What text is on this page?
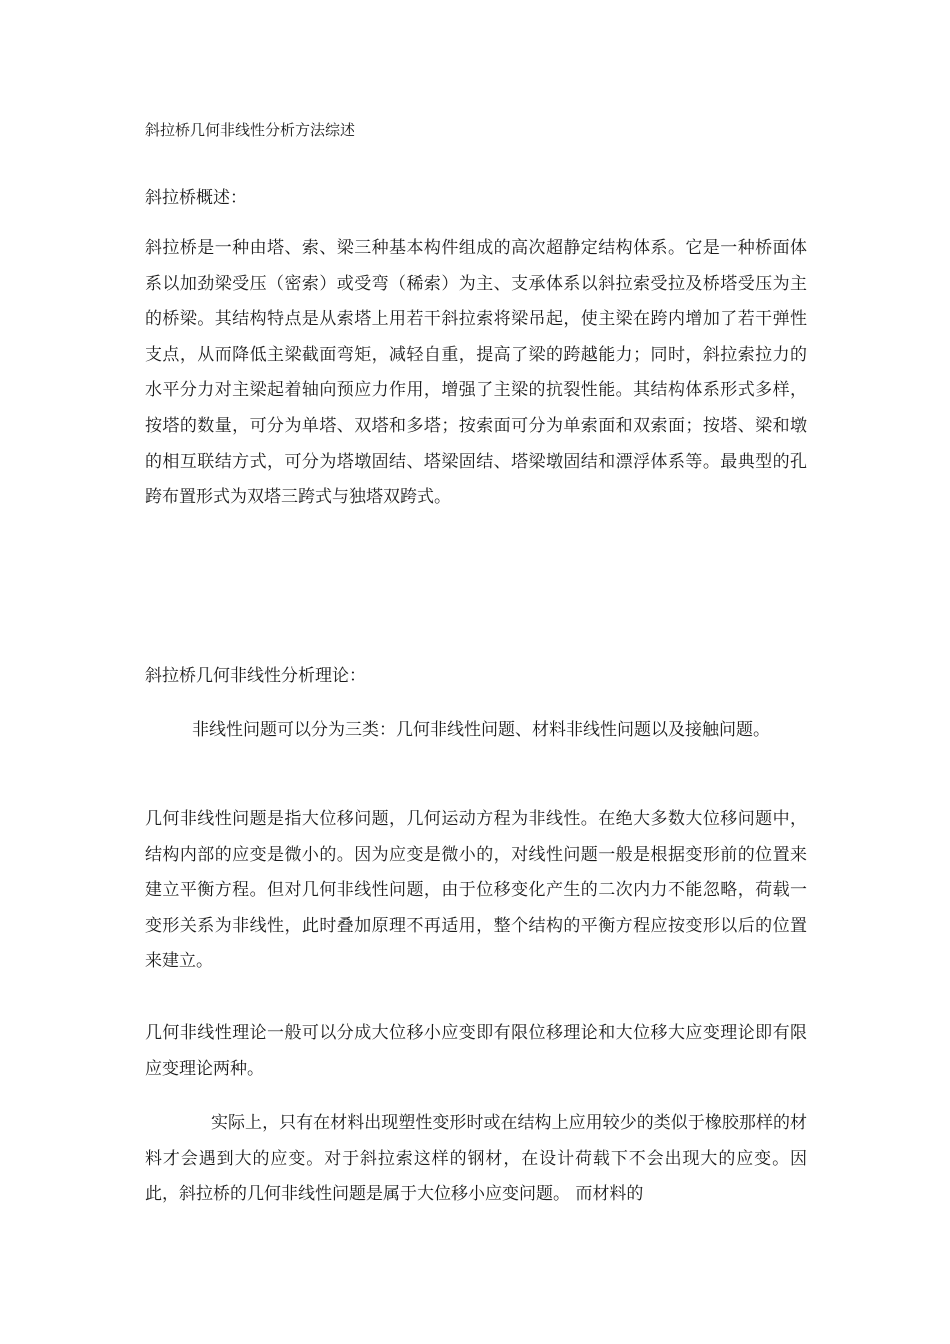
斜拉桥几何非线性分析方法综述
斜拉桥概述：

斜拉桥是一种由塔、索、梁三种基本构件组成的高次超静定结构体系。它是一种桥面体系以加劲梁受压（密索）或受弯（稀索）为主、支承体系以斜拉索受拉及桥塔受压为主的桥梁。其结构特点是从索塔上用若干斜拉索将梁吊起，使主梁在跨内增加了若干弹性支点，从而降低主梁截面弯矩，减轻自重，提高了梁的跨越能力；同时，斜拉索拉力的水平分力对主梁起着轴向预应力作用，增强了主梁的抗裂性能。其结构体系形式多样，按塔的数量，可分为单塔、双塔和多塔；按索面可分为单索面和双索面；按塔、梁和墩的相互联结方式，可分为塔墩固结、塔梁固结、塔梁墩固结和漂浮体系等。最典型的孔跨布置形式为双塔三跨式与独塔双跨式。

斜拉桥几何非线性分析理论：

非线性问题可以分为三类：几何非线性问题、材料非线性问题以及接触问题。

几何非线性问题是指大位移问题，几何运动方程为非线性。在绝大多数大位移问题中，结构内部的应变是微小的。因为应变是微小的，对线性问题一般是根据变形前的位置来建立平衡方程。但对几何非线性问题，由于位移变化产生的二次内力不能忽略，荷载一变形关系为非线性，此时叠加原理不再适用，整个结构的平衡方程应按变形以后的位置来建立。

几何非线性理论一般可以分成大位移小应变即有限位移理论和大位移大应变理论即有限应变理论两种。

实际上，只有在材料出现塑性变形时或在结构上应用较少的类似于橡胶那样的材料才会遇到大的应变。对于斜拉索这样的钢材，在设计荷载下不会出现大的应变。因此，斜拉桥的几何非线性问题是属于大位移小应变问题。 而材料的
